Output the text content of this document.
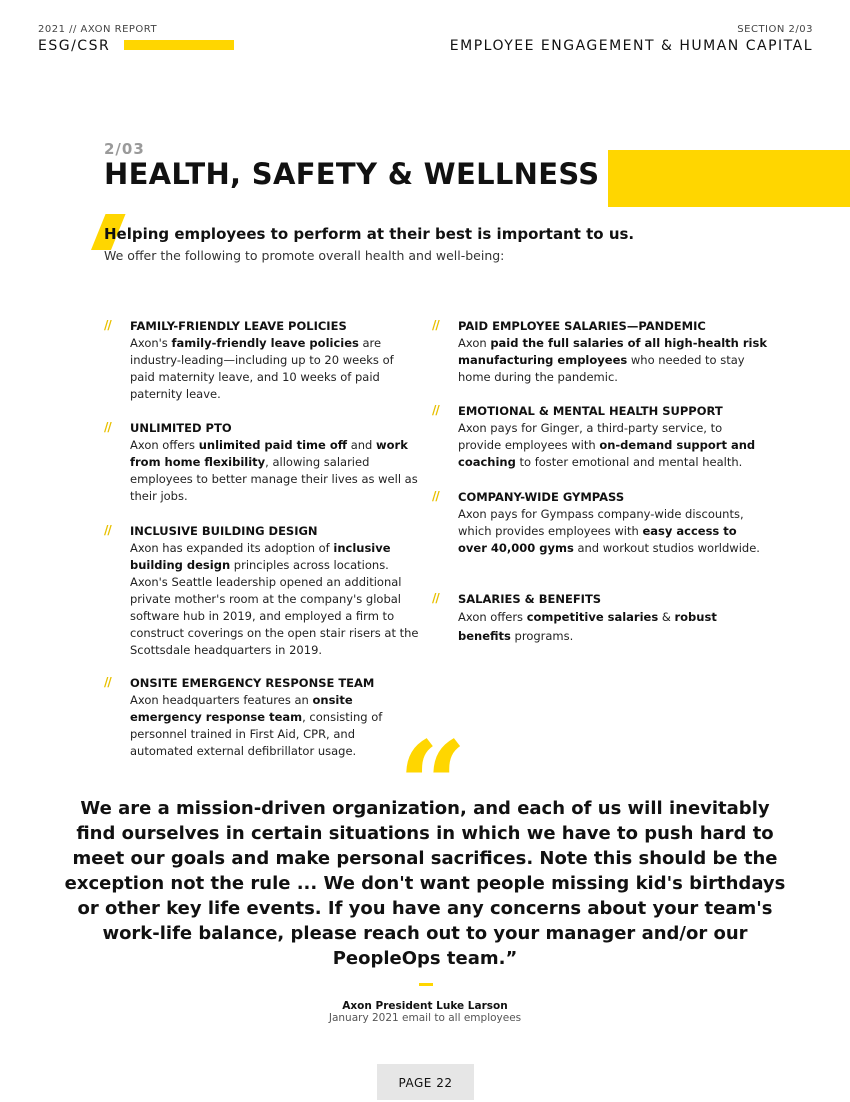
2021 // AXON REPORT
ESG/CSR
SECTION 2/03
EMPLOYEE ENGAGEMENT & HUMAN CAPITAL
2/03
HEALTH, SAFETY & WELLNESS
Helping employees to perform at their best is important to us.
We offer the following to promote overall health and well-being:
// FAMILY-FRIENDLY LEAVE POLICIES
Axon's family-friendly leave policies are industry-leading—including up to 20 weeks of paid maternity leave, and 10 weeks of paid paternity leave.
// UNLIMITED PTO
Axon offers unlimited paid time off and work from home flexibility, allowing salaried employees to better manage their lives as well as their jobs.
// INCLUSIVE BUILDING DESIGN
Axon has expanded its adoption of inclusive building design principles across locations. Axon's Seattle leadership opened an additional private mother's room at the company's global software hub in 2019, and employed a firm to construct coverings on the open stair risers at the Scottsdale headquarters in 2019.
// ONSITE EMERGENCY RESPONSE TEAM
Axon headquarters features an onsite emergency response team, consisting of personnel trained in First Aid, CPR, and automated external defibrillator usage.
// PAID EMPLOYEE SALARIES—PANDEMIC
Axon paid the full salaries of all high-health risk manufacturing employees who needed to stay home during the pandemic.
// EMOTIONAL & MENTAL HEALTH SUPPORT
Axon pays for Ginger, a third-party service, to provide employees with on-demand support and coaching to foster emotional and mental health.
// COMPANY-WIDE GYMPASS
Axon pays for Gympass company-wide discounts, which provides employees with easy access to over 40,000 gyms and workout studios worldwide.
// SALARIES & BENEFITS
Axon offers competitive salaries & robust benefits programs.
“
We are a mission-driven organization, and each of us will inevitably find ourselves in certain situations in which we have to push hard to meet our goals and make personal sacrifices. Note this should be the exception not the rule ... We don't want people missing kid's birthdays or other key life events. If you have any concerns about your team's work-life balance, please reach out to your manager and/or our PeopleOps team.”
Axon President Luke Larson
January 2021 email to all employees
PAGE 22
